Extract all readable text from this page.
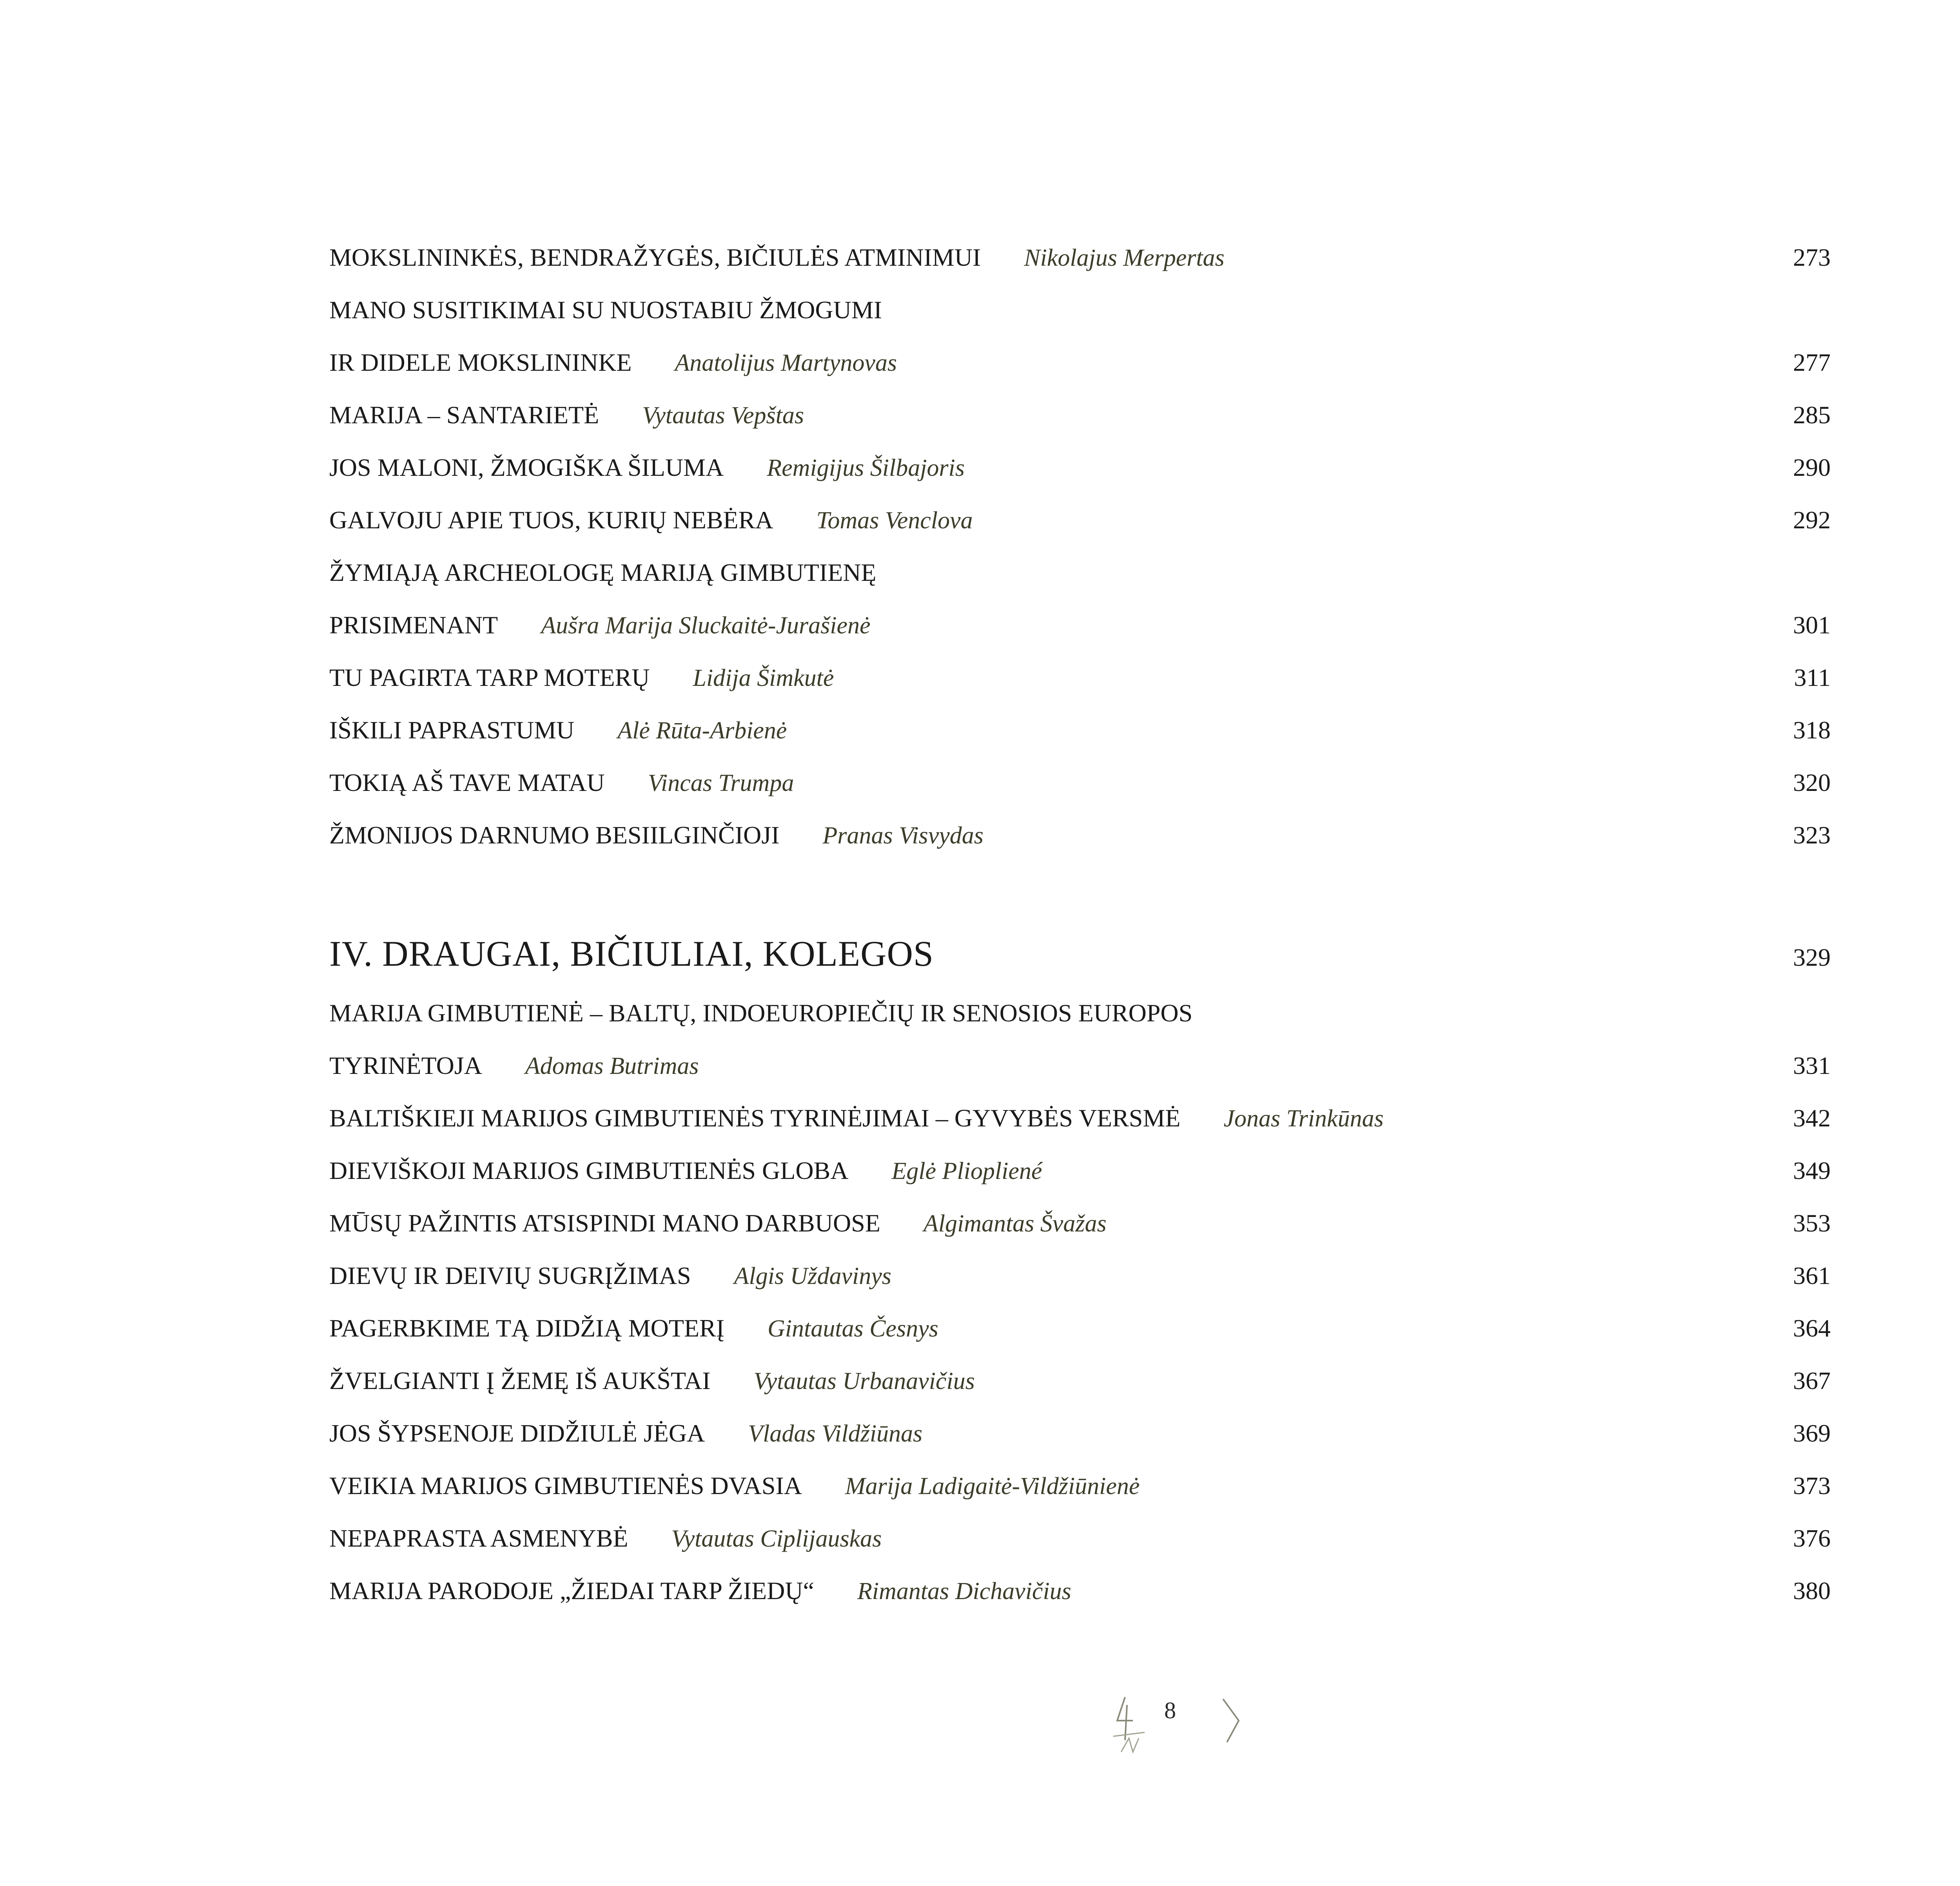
MOKSLININKĖS, BENDRAŽYGĖS, BIČIULĖS ATMINIMUI Nikolajus Merpertas	273
MANO SUSITIKIMAI SU NUOSTABIU ŽMOGUMI
IR DIDELE MOKSLININKE Anatolijus Martynovas	277
MARIJA – SANTARIETĖ Vytautas Vepštas	285
JOS MALONI, ŽMOGIŠKA ŠILUMA Remigijus Šilbajoris	290
GALVOJU APIE TUOS, KURIŲ NEBĖRA Tomas Venclova	292
ŽYMIĄJĄ ARCHEOLOGĘ MARIJĄ GIMBUTIENĘ
PRISIMENANT Aušra Marija Sluckaitė-Jurašienė	301
TU PAGIRTA TARP MOTERŲ Lidija Šimkutė	311
IŠKILI PAPRASTUMU Alė Rūta-Arbienė	318
TOKIĄ AŠ TAVE MATAU Vincas Trumpa	320
ŽMONIJOS DARNUMO BESIILGINČIOJI Pranas Visvydas	323
IV. DRAUGAI, BIČIULIAI, KOLEGOS	329
MARIJA GIMBUTIENĖ – BALTŲ, INDOEUROPIEČIŲ IR SENOSIOS EUROPOS
TYRINĖTOJA Adomas Butrimas	331
BALTIŠKIEJI MARIJOS GIMBUTIENĖS TYRINĖJIMAI – GYVYBĖS VERSMĖ Jonas Trinkūnas	342
DIEVIŠKOJI MARIJOS GIMBUTIENĖS GLOBA Eglė Pliopliené	349
MŪSŲ PAŽINTIS ATSISPINDI MANO DARBUOSE Algimantas Švažas	353
DIEVŲ IR DEIVIŲ SUGRĮŽIMAS Algis Uždavinys	361
PAGERBKIME TĄ DIDŽIĄ MOTERĮ Gintautas Česnys	364
ŽVELGIANTI Į ŽEMĘ IŠ AUKŠTAI Vytautas Urbanavičius	367
JOS ŠYPSENOJE DIDŽIULĖ JĖGA Vladas Vildžiūnas	369
VEIKIA MARIJOS GIMBUTIENĖS DVASIA Marija Ladigaitė-Vildžiūnienė	373
NEPAPRASTA ASMENYBĖ Vytautas Ciplijauskas	376
MARIJA PARODOJE „ŽIEDAI TARP ŽIEDŲ“ Rimantas Dichavičius	380
8
